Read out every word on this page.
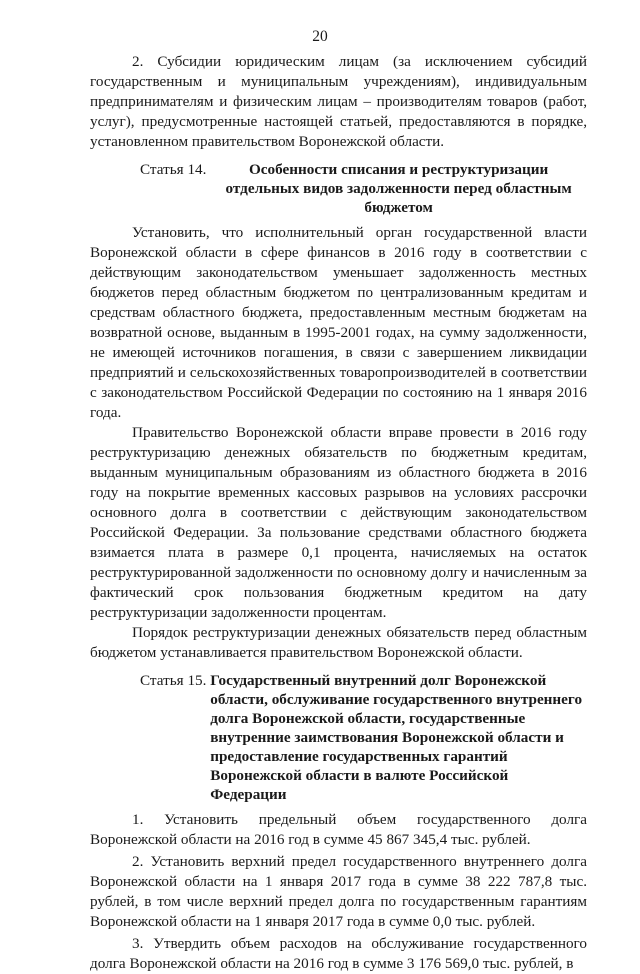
20

2. Субсидии юридическим лицам (за исключением субсидий государственным и муниципальным учреждениям), индивидуальным предпринимателям и физическим лицам – производителям товаров (работ, услуг), предусмотренные настоящей статьей, предоставляются в порядке, установленном правительством Воронежской области.

Статья 14.	Особенности списания и реструктуризации отдельных видов задолженности перед областным бюджетом

Установить, что исполнительный орган государственной власти Воронежской области в сфере финансов в 2016 году в соответствии с действующим законодательством уменьшает задолженность местных бюджетов перед областным бюджетом по централизованным кредитам и средствам областного бюджета, предоставленным местным бюджетам на возвратной основе, выданным в 1995-2001 годах, на сумму задолженности, не имеющей источников погашения, в связи с завершением ликвидации предприятий и сельскохозяйственных товаропроизводителей в соответствии с законодательством Российской Федерации по состоянию на 1 января 2016 года.

Правительство Воронежской области вправе провести в 2016 году реструктуризацию денежных обязательств по бюджетным кредитам, выданным муниципальным образованиям из областного бюджета в 2016 году на покрытие временных кассовых разрывов на условиях рассрочки основного долга в соответствии с действующим законодательством Российской Федерации. За пользование средствами областного бюджета взимается плата в размере 0,1 процента, начисляемых на остаток реструктурированной задолженности по основному долгу и начисленным за фактический срок пользования бюджетным кредитом на дату реструктуризации задолженности процентам.

Порядок реструктуризации денежных обязательств перед областным бюджетом устанавливается правительством Воронежской области.

Статья 15. Государственный внутренний долг Воронежской области, обслуживание государственного внутреннего долга Воронежской области, государственные внутренние заимствования Воронежской области и предоставление государственных гарантий Воронежской области в валюте Российской Федерации

1. Установить предельный объем государственного долга Воронежской области на 2016 год в сумме 45 867 345,4 тыс. рублей.

2. Установить верхний предел государственного внутреннего долга Воронежской области на 1 января 2017 года в сумме 38 222 787,8 тыс. рублей, в том числе верхний предел долга по государственным гарантиям Воронежской области на 1 января 2017 года в сумме 0,0 тыс. рублей.

3. Утвердить объем расходов на обслуживание государственного долга Воронежской области на 2016 год в сумме 3 176 569,0 тыс. рублей, в
